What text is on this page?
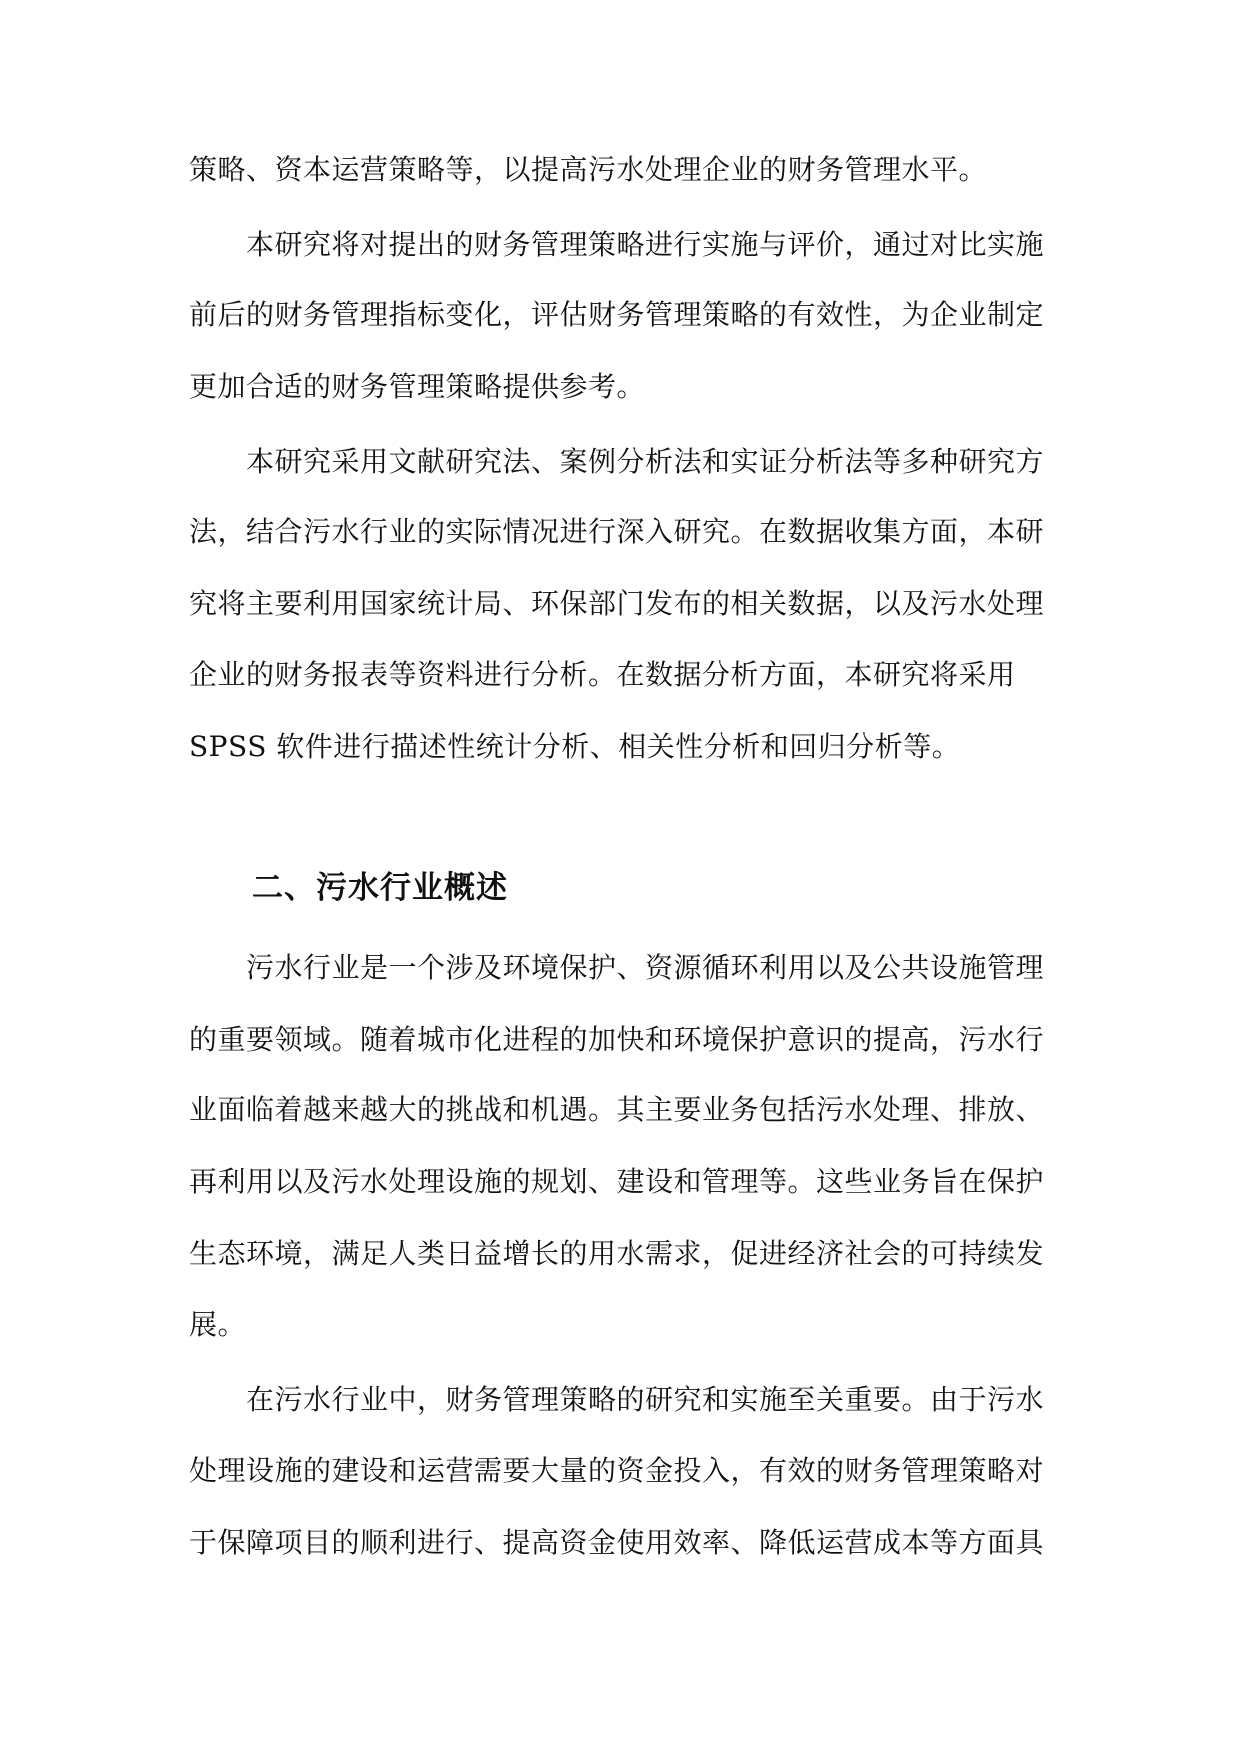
策略、资本运营策略等，以提高污水处理企业的财务管理水平。
本研究将对提出的财务管理策略进行实施与评价，通过对比实施
前后的财务管理指标变化，评估财务管理策略的有效性，为企业制定
更加合适的财务管理策略提供参考。
本研究采用文献研究法、案例分析法和实证分析法等多种研究方
法，结合污水行业的实际情况进行深入研究。在数据收集方面，本研
究将主要利用国家统计局、环保部门发布的相关数据，以及污水处理
企业的财务报表等资料进行分析。在数据分析方面，本研究将采用
SPSS 软件进行描述性统计分析、相关性分析和回归分析等。
二、污水行业概述
污水行业是一个涉及环境保护、资源循环利用以及公共设施管理
的重要领域。随着城市化进程的加快和环境保护意识的提高，污水行
业面临着越来越大的挑战和机遇。其主要业务包括污水处理、排放、
再利用以及污水处理设施的规划、建设和管理等。这些业务旨在保护
生态环境，满足人类日益增长的用水需求，促进经济社会的可持续发
展。
在污水行业中，财务管理策略的研究和实施至关重要。由于污水
处理设施的建设和运营需要大量的资金投入，有效的财务管理策略对
于保障项目的顺利进行、提高资金使用效率、降低运营成本等方面具
